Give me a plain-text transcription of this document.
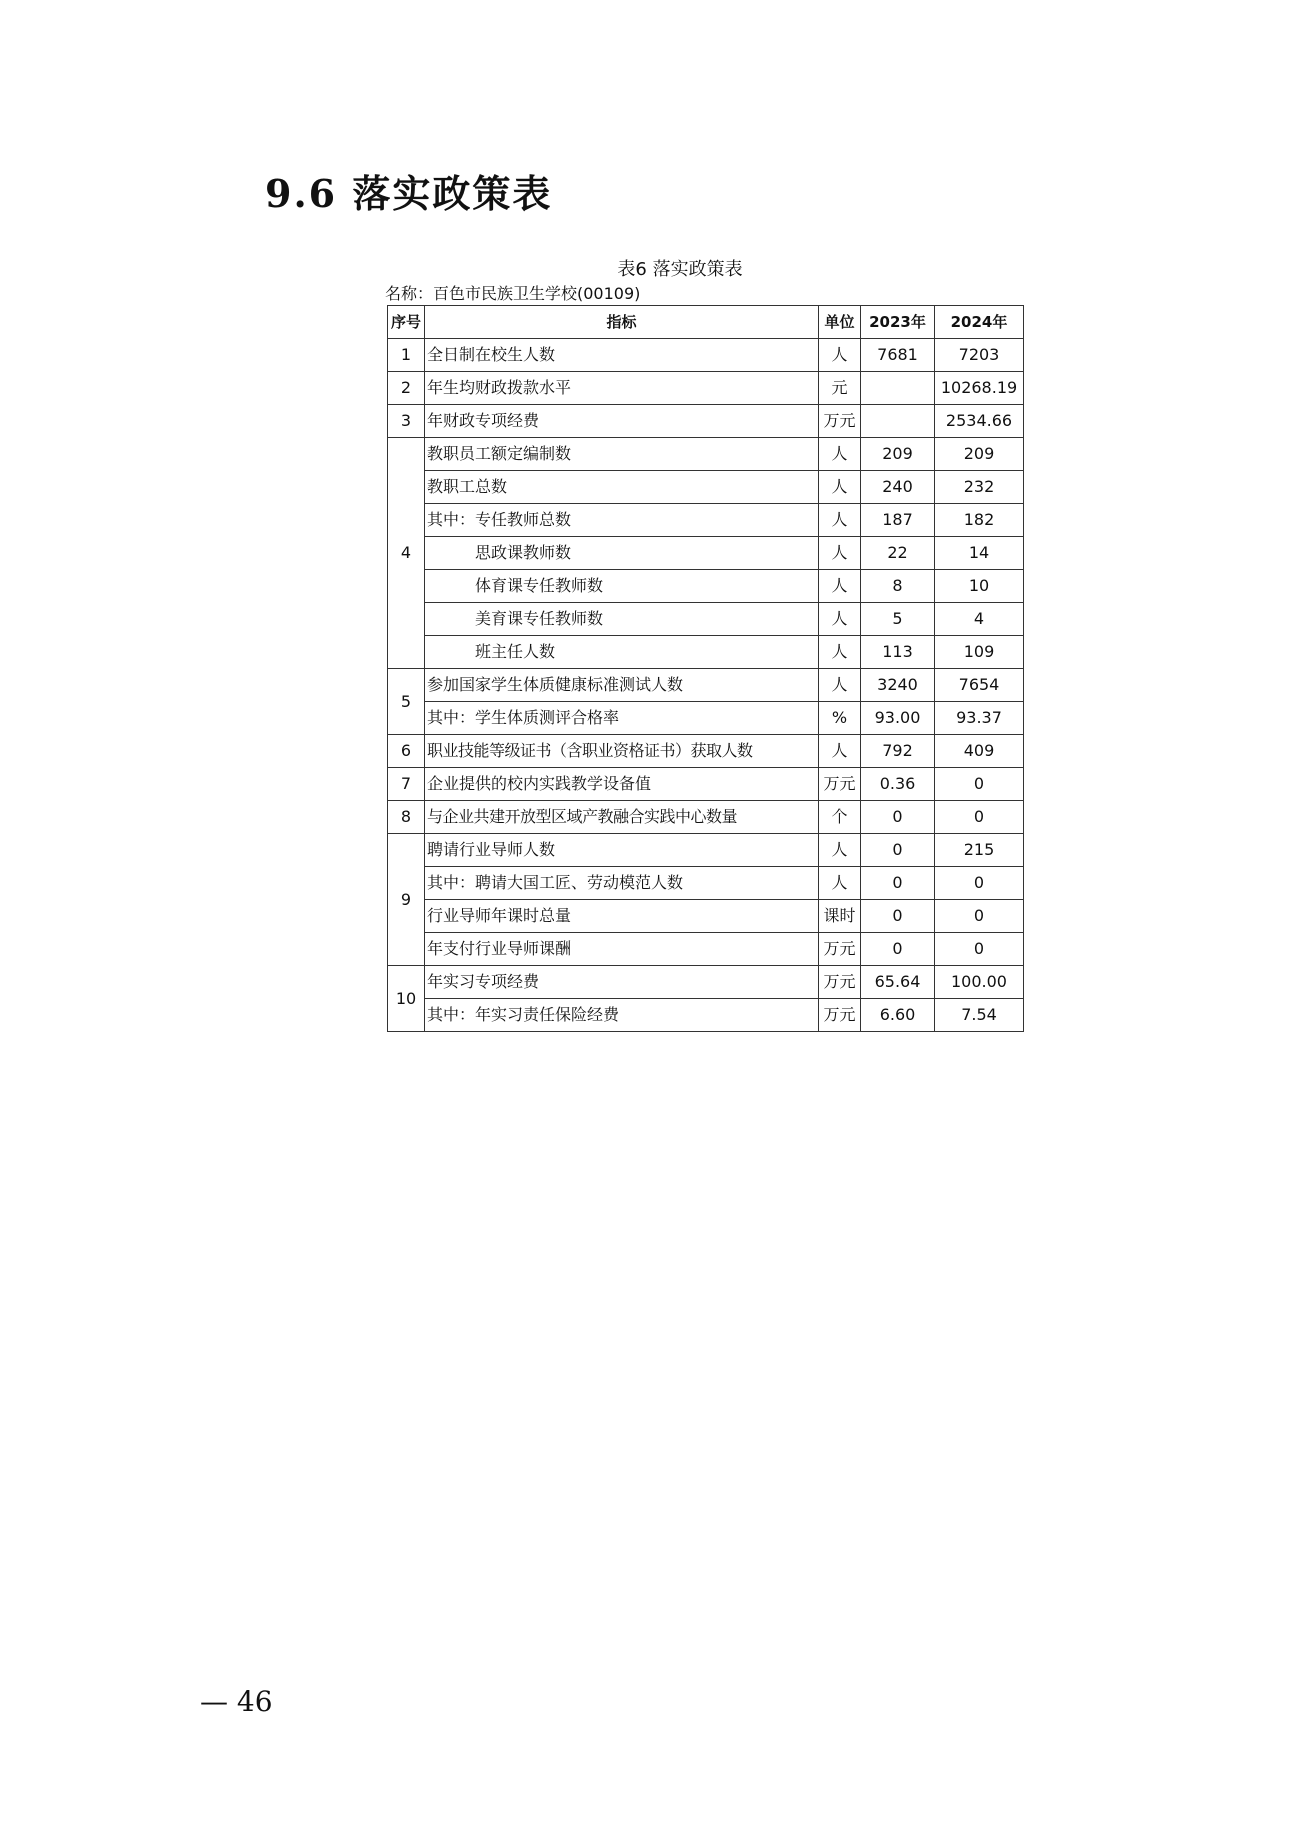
9.6 落实政策表
表6 落实政策表
名称：百色市民族卫生学校(00109)
序号	指标	单位	2023年	2024年
1	全日制在校生人数	人	7681	7203
2	年生均财政拨款水平	元		10268.19
3	年财政专项经费	万元		2534.66
4	教职员工额定编制数	人	209	209
	教职工总数	人	240	232
	其中：专任教师总数	人	187	182
	思政课教师数	人	22	14
	体育课专任教师数	人	8	10
	美育课专任教师数	人	5	4
	班主任人数	人	113	109
5	参加国家学生体质健康标准测试人数	人	3240	7654
	其中：学生体质测评合格率	%	93.00	93.37
6	职业技能等级证书（含职业资格证书）获取人数	人	792	409
7	企业提供的校内实践教学设备值	万元	0.36	0
8	与企业共建开放型区域产教融合实践中心数量	个	0	0
9	聘请行业导师人数	人	0	215
	其中：聘请大国工匠、劳动模范人数	人	0	0
	行业导师年课时总量	课时	0	0
	年支付行业导师课酬	万元	0	0
10	年实习专项经费	万元	65.64	100.00
	其中：年实习责任保险经费	万元	6.60	7.54
— 46
